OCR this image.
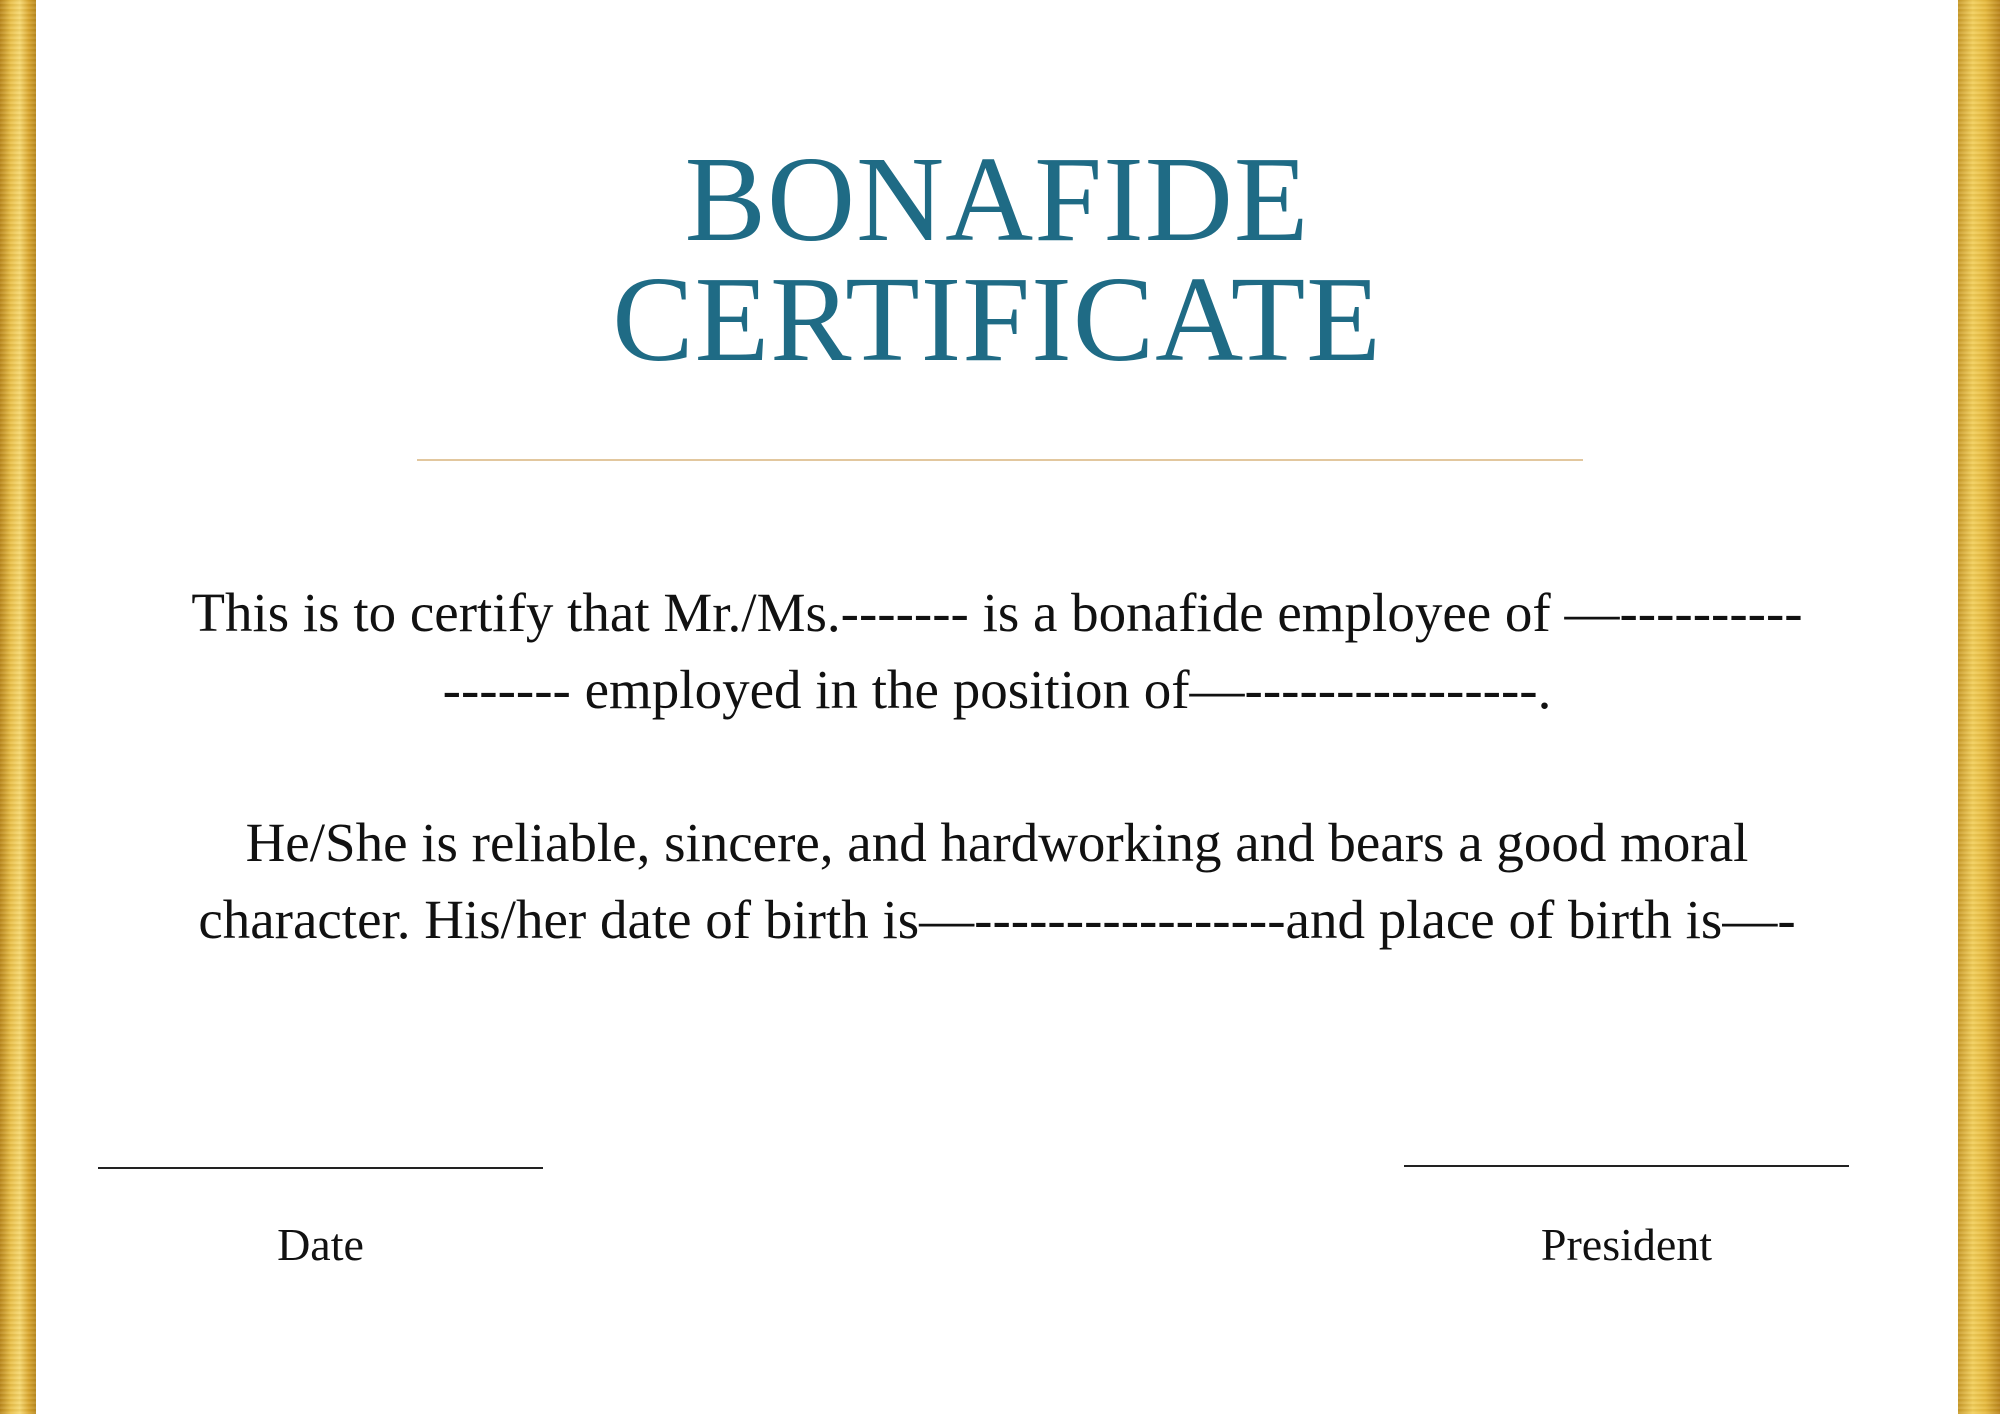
BONAFIDE
CERTIFICATE
This is to certify that Mr./Ms.------- is a bonafide employee of —----------
------- employed in the position of—----------------.
He/She is reliable, sincere, and hardworking and bears a good moral
character. His/her date of birth is—-----------------and place of birth is—-
Date	President
